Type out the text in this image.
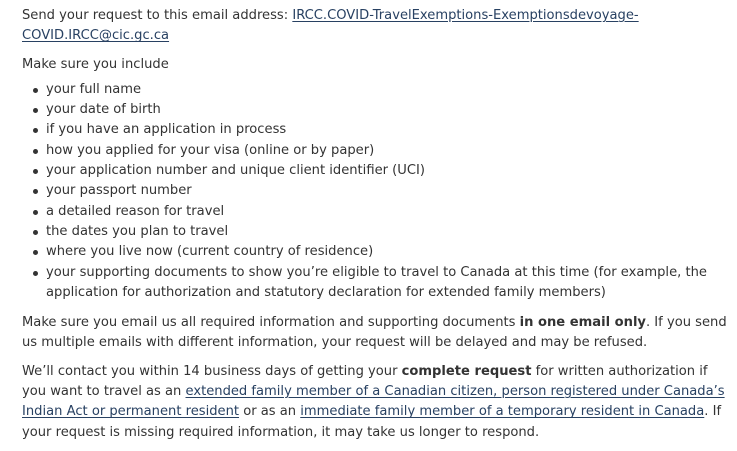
Send your request to this email address: IRCC.COVID-TravelExemptions-Exemptionsdevoyage-COVID.IRCC@cic.gc.ca

Make sure you include

your full name
your date of birth
if you have an application in process
how you applied for your visa (online or by paper)
your application number and unique client identifier (UCI)
your passport number
a detailed reason for travel
the dates you plan to travel
where you live now (current country of residence)
your supporting documents to show you’re eligible to travel to Canada at this time (for example, the application for authorization and statutory declaration for extended family members)

Make sure you email us all required information and supporting documents in one email only. If you send us multiple emails with different information, your request will be delayed and may be refused.

We’ll contact you within 14 business days of getting your complete request for written authorization if you want to travel as an extended family member of a Canadian citizen, person registered under Canada’s Indian Act or permanent resident or as an immediate family member of a temporary resident in Canada. If your request is missing required information, it may take us longer to respond.
